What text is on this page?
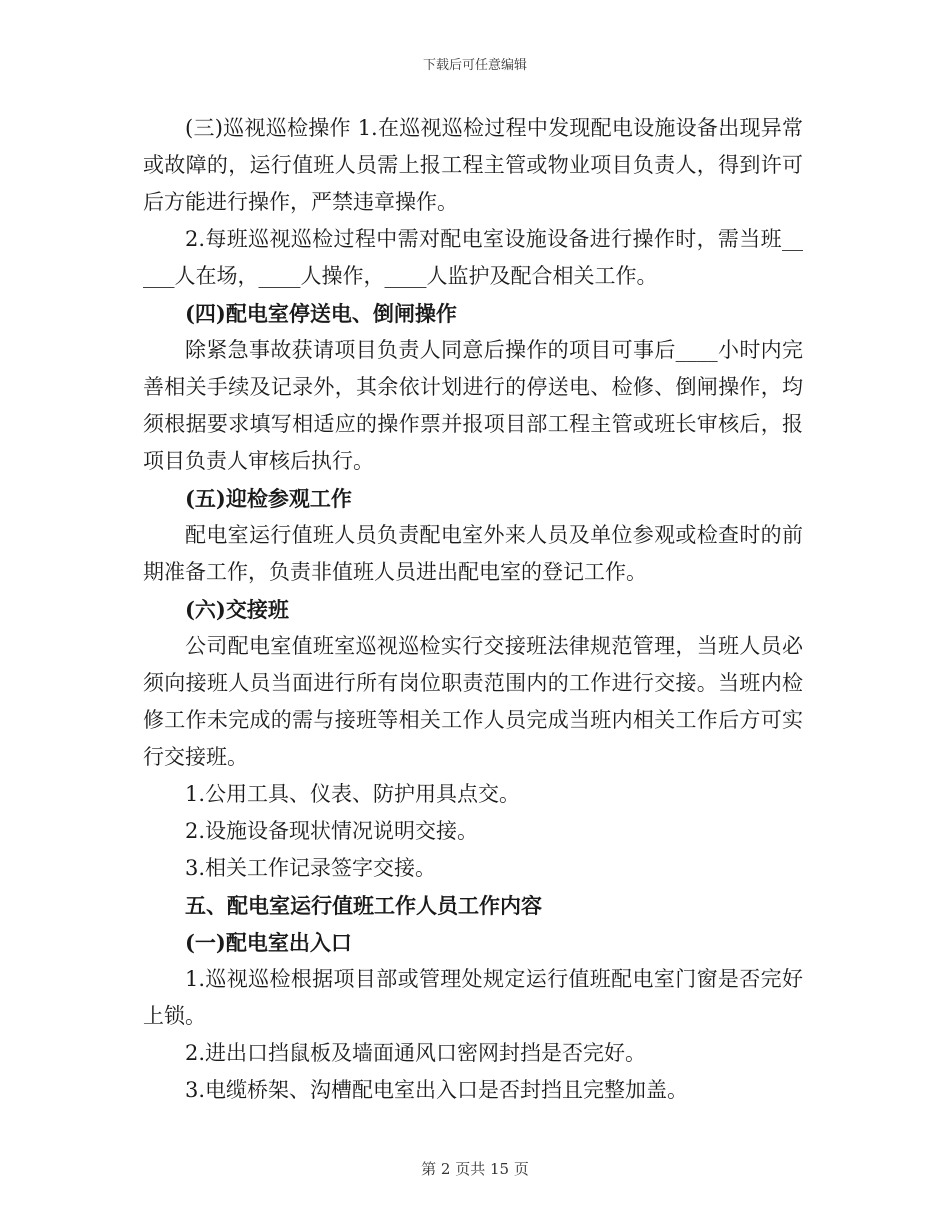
下载后可任意编辑

(三)巡视巡检操作 1.在巡视巡检过程中发现配电设施设备出现异常或故障的，运行值班人员需上报工程主管或物业项目负责人，得到许可后方能进行操作，严禁违章操作。

2.每班巡视巡检过程中需对配电室设施设备进行操作时，需当班_____人在场，____人操作，____人监护及配合相关工作。

(四)配电室停送电、倒闸操作

除紧急事故获请项目负责人同意后操作的项目可事后____小时内完善相关手续及记录外，其余依计划进行的停送电、检修、倒闸操作，均须根据要求填写相适应的操作票并报项目部工程主管或班长审核后，报项目负责人审核后执行。

(五)迎检参观工作

配电室运行值班人员负责配电室外来人员及单位参观或检查时的前期准备工作，负责非值班人员进出配电室的登记工作。

(六)交接班

公司配电室值班室巡视巡检实行交接班法律规范管理，当班人员必须向接班人员当面进行所有岗位职责范围内的工作进行交接。当班内检修工作未完成的需与接班等相关工作人员完成当班内相关工作后方可实行交接班。

1.公用工具、仪表、防护用具点交。

2.设施设备现状情况说明交接。

3.相关工作记录签字交接。

五、配电室运行值班工作人员工作内容

(一)配电室出入口

1.巡视巡检根据项目部或管理处规定运行值班配电室门窗是否完好上锁。

2.进出口挡鼠板及墙面通风口密网封挡是否完好。

3.电缆桥架、沟槽配电室出入口是否封挡且完整加盖。

第 2 页共 15 页
